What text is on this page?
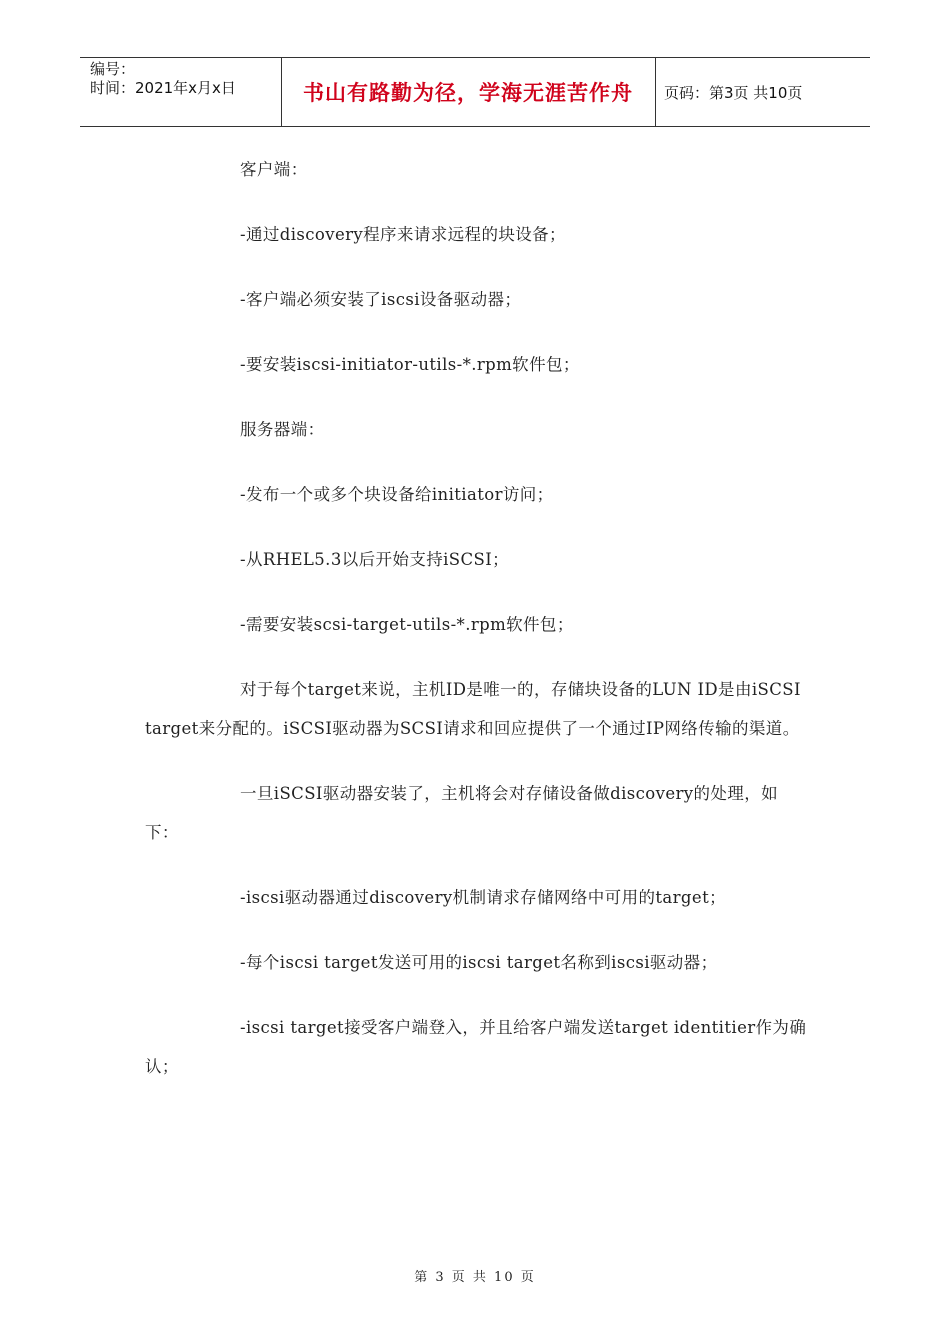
编号：
时间：2021年x月x日	书山有路勤为径，学海无涯苦作舟	页码：第3页 共10页

客户端：

-通过discovery程序来请求远程的块设备；

-客户端必须安装了iscsi设备驱动器；

-要安装iscsi-initiator-utils-*.rpm软件包；

服务器端：

-发布一个或多个块设备给initiator访问；

-从RHEL5.3以后开始支持iSCSI；

-需要安装scsi-target-utils-*.rpm软件包；

对于每个target来说，主机ID是唯一的，存储块设备的LUN ID是由iSCSI target来分配的。iSCSI驱动器为SCSI请求和回应提供了一个通过IP网络传输的渠道。

一旦iSCSI驱动器安装了，主机将会对存储设备做discovery的处理，如下：

-iscsi驱动器通过discovery机制请求存储网络中可用的target；

-每个iscsi target发送可用的iscsi target名称到iscsi驱动器；

-iscsi target接受客户端登入，并且给客户端发送target identitier作为确认；

第 3 页 共 10 页
